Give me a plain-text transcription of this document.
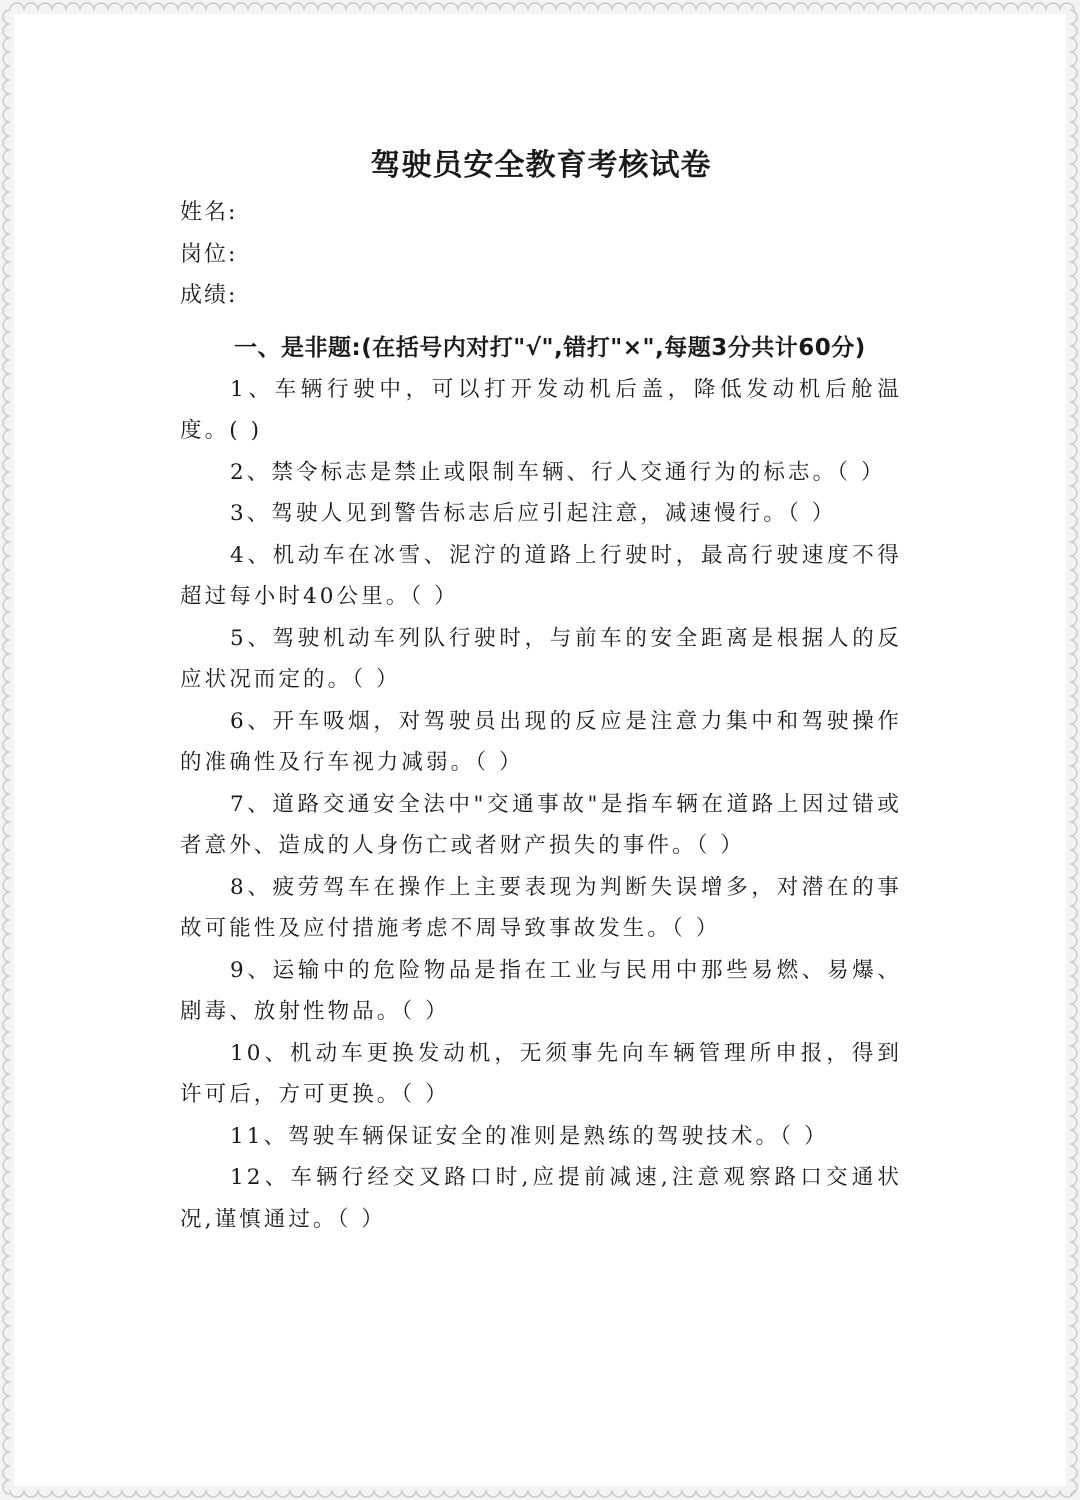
驾驶员安全教育考核试卷
姓名:
岗位:
成绩:
一、是非题:(在括号内对打"√",错打"×",每题3分共计60分)
1、车辆行驶中，可以打开发动机后盖，降低发动机后舱温度。( )
2、禁令标志是禁止或限制车辆、行人交通行为的标志。（ ）
3、驾驶人见到警告标志后应引起注意，减速慢行。（ ）
4、机动车在冰雪、泥泞的道路上行驶时，最高行驶速度不得超过每小时40公里。（ ）
5、驾驶机动车列队行驶时，与前车的安全距离是根据人的反应状况而定的。（ ）
6、开车吸烟，对驾驶员出现的反应是注意力集中和驾驶操作的准确性及行车视力减弱。（ ）
7、道路交通安全法中"交通事故"是指车辆在道路上因过错或者意外、造成的人身伤亡或者财产损失的事件。（ ）
8、疲劳驾车在操作上主要表现为判断失误增多，对潜在的事故可能性及应付措施考虑不周导致事故发生。（ ）
9、运输中的危险物品是指在工业与民用中那些易燃、易爆、剧毒、放射性物品。（ ）
10、机动车更换发动机，无须事先向车辆管理所申报，得到许可后，方可更换。（ ）
11、驾驶车辆保证安全的准则是熟练的驾驶技术。（ ）
12、车辆行经交叉路口时,应提前减速,注意观察路口交通状况,谨慎通过。（ ）
